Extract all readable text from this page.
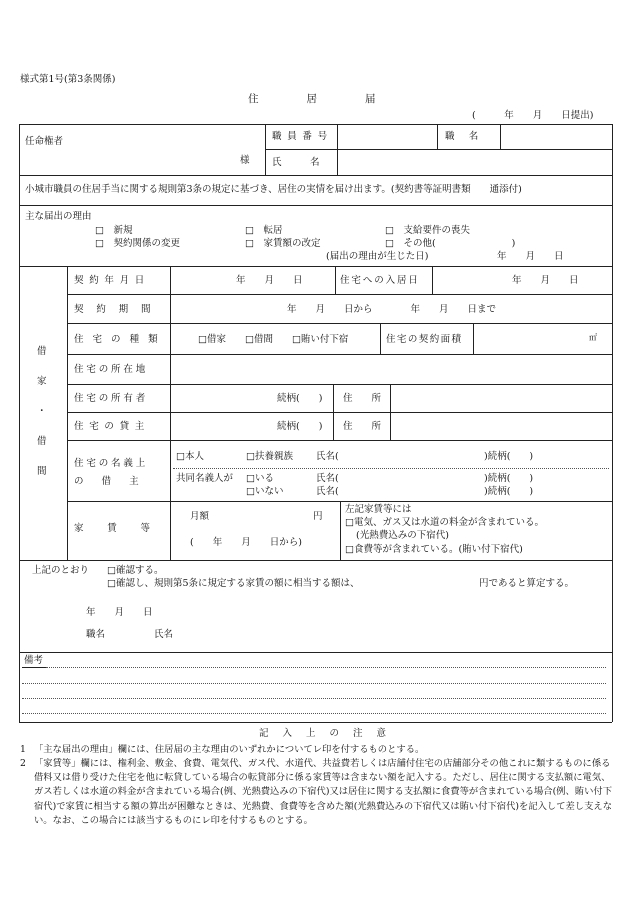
様式第1号(第3条関係)
住居届
(　　　年　　月　　日提出)
任命権者
様
職員番号	職名
氏名
小城市職員の住居手当に関する規則第3条の規定に基づき、居住の実情を届け出ます。(契約書等証明書類　　通添付)
主な届出の理由
□　新規	□　転居	□　支給要件の喪失
□　契約関係の変更	□　家賃額の改定	□　その他(　　　　　　　　)
(届出の理由が生じた日)	年　　月　　日
借
家
・
借
間
契約年月日	年　　月　　日	住宅への入居日	年　　月　　日
契約期間	年　　月　　日から　　　　年　　月　　日まで
住宅の種類	□借家　　□借間　　□賄い付下宿	住宅の契約面積	㎡
住宅の所在地
住宅の所有者	続柄(　　) 住　　所
住宅の貸主	続柄(　　) 住　　所
住宅の名義上
の　借　主
□本人	□扶養親族 氏名(	)続柄(　　)
共同名義人が □いる	氏名(	)続柄(　　)
□いない	氏名(	)続柄(　　)
家賃等
月額	円
(　　年　　月　　日から)
左記家賃等には
□電気、ガス又は水道の料金が含まれている。
(光熱費込みの下宿代)
□食費等が含まれている。(賄い付下宿代)
上記のとおり □確認する。
□確認し、規則第5条に規定する家賃の額に相当する額は、	円であると算定する。
年　　月　　日
職名	氏名
備考
記入上の注意
1 「主な届出の理由」欄には、住居届の主な理由のいずれかについてレ印を付するものとする。
2 「家賃等」欄には、権利金、敷金、食費、電気代、ガス代、水道代、共益費若しくは店舗付住宅の店舗部分その他これに類するものに係る借料又は借り受けた住宅を他に転貸している場合の転貸部分に係る家賃等は含まない額を記入する。ただし、居住に関する支払額に電気、ガス若しくは水道の料金が含まれている場合(例、光熱費込みの下宿代)又は居住に関する支払額に食費等が含まれている場合(例、賄い付下宿代)で家賃に相当する額の算出が困難なときは、光熱費、食費等を含めた額(光熱費込みの下宿代又は賄い付下宿代)を記入して差し支えない。なお、この場合には該当するものにレ印を付するものとする。
